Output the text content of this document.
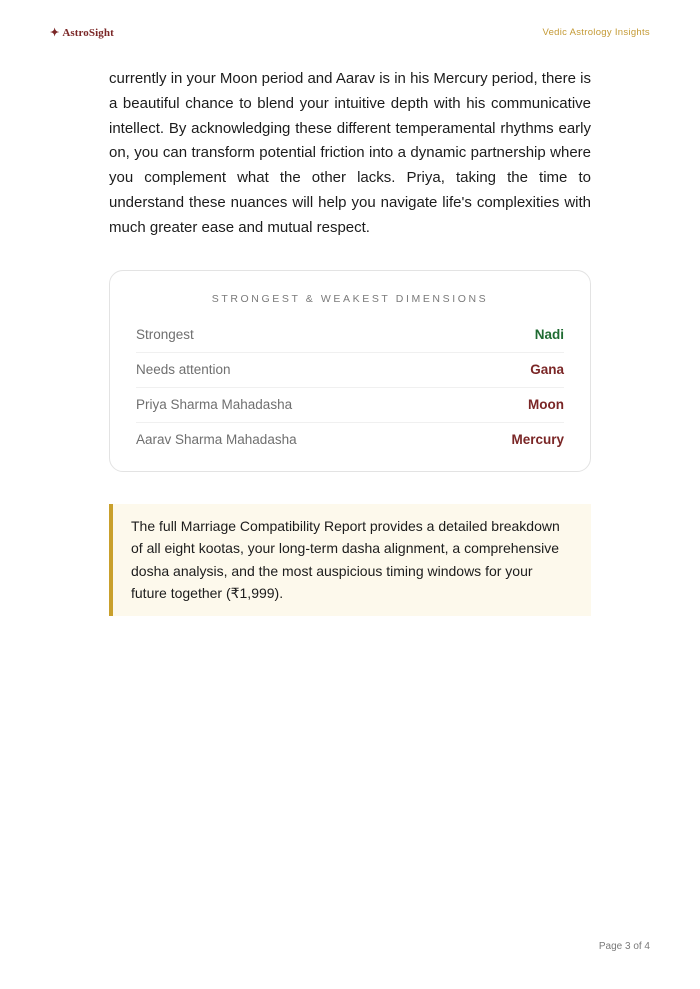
✦ AstroSight	Vedic Astrology Insights

currently in your Moon period and Aarav is in his Mercury period, there is a beautiful chance to blend your intuitive depth with his communicative intellect. By acknowledging these different temperamental rhythms early on, you can transform potential friction into a dynamic partnership where you complement what the other lacks. Priya, taking the time to understand these nuances will help you navigate life's complexities with much greater ease and mutual respect.

STRONGEST & WEAKEST DIMENSIONS
Strongest	Nadi
Needs attention	Gana
Priya Sharma Mahadasha	Moon
Aarav Sharma Mahadasha	Mercury

The full Marriage Compatibility Report provides a detailed breakdown of all eight kootas, your long-term dasha alignment, a comprehensive dosha analysis, and the most auspicious timing windows for your future together (₹1,999).

Page 3 of 4
